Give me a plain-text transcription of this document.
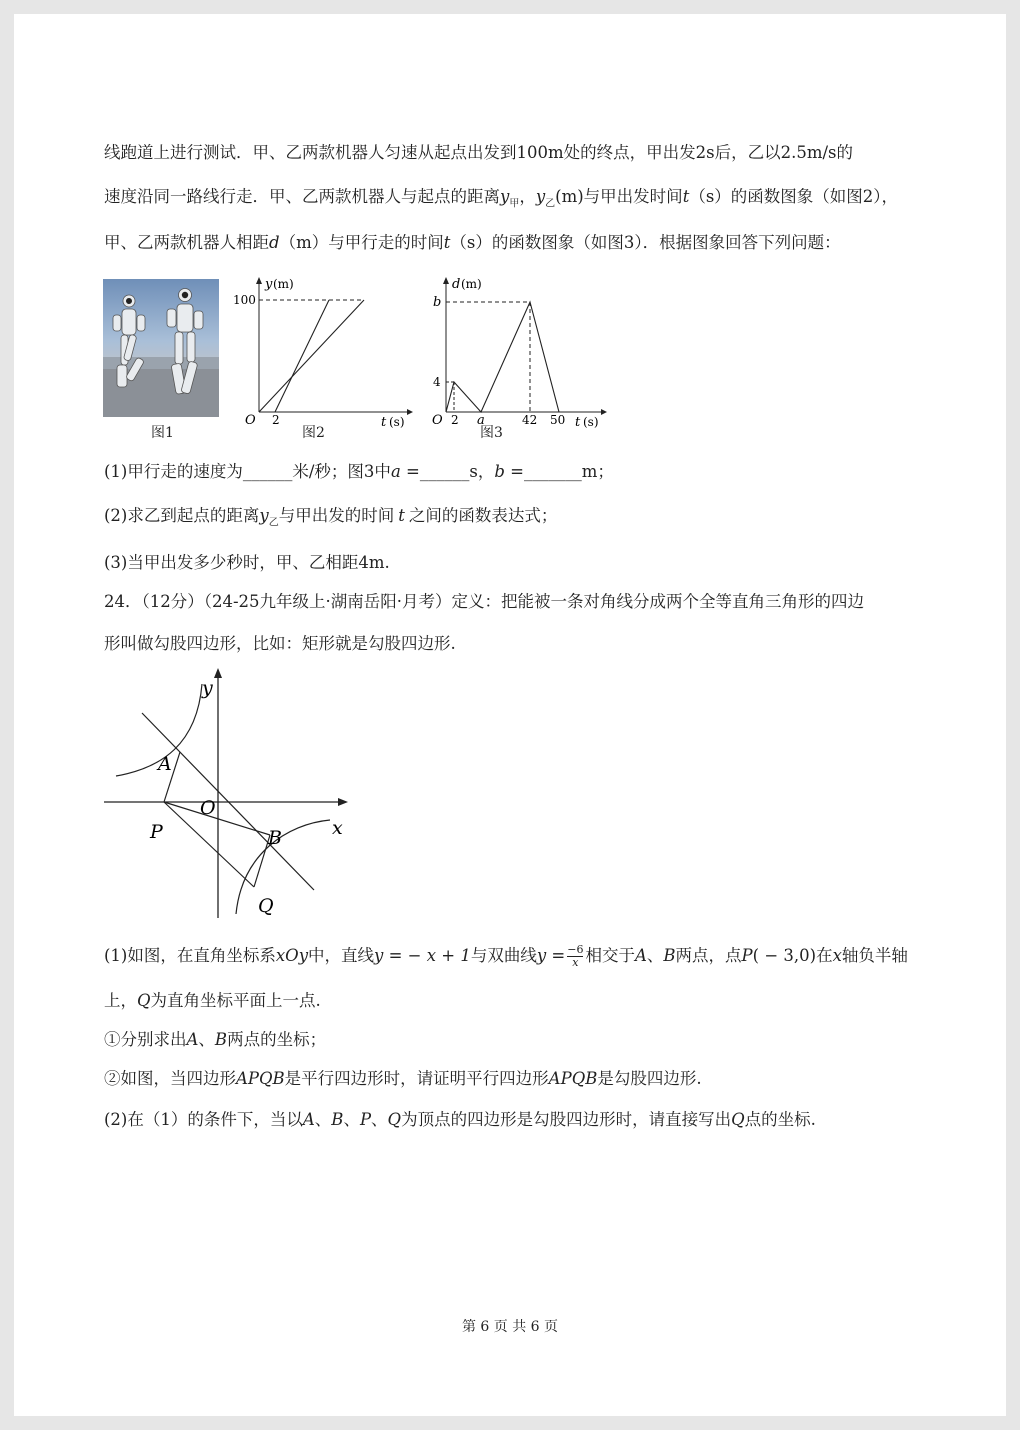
线跑道上进行测试．甲、乙两款机器人匀速从起点出发到100m处的终点，甲出发2s后，乙以2.5m/s的
速度沿同一路线行走．甲、乙两款机器人与起点的距离$y_甲$，$y_乙(m)$与甲出发时间t（s）的函数图象（如图2），
甲、乙两款机器人相距d（m）与甲行走的时间t（s）的函数图象（如图3）．根据图象回答下列问题：
图1
y (m)
100
O 2	t (s)
图2
d (m)
b
4
O 2 a	42 50 t (s)
图3
(1)甲行走的速度为______米/秒；图3中a =______s，b =_______m；
(2)求乙到起点的距离$y_乙$与甲出发的时间 t 之间的函数表达式；
(3)当甲出发多少秒时，甲、乙相距4m.
24．（12分）（24-25九年级上·湖南岳阳·月考）定义：把能被一条对角线分成两个全等直角三角形的四边
形叫做勾股四边形，比如：矩形就是勾股四边形.
y
x
O
A
B
P
Q
(1)如图，在直角坐标系xOy中，直线y = − x + 1与双曲线$y = \frac{-6}{x}$ 相交于A、B两点，点P( − 3,0)在x轴负半轴
上，Q为直角坐标平面上一点.
①分别求出A、B两点的坐标；
②如图，当四边形APQB是平行四边形时，请证明平行四边形APQB是勾股四边形.
(2)在（1）的条件下，当以A、B、P、Q为顶点的四边形是勾股四边形时，请直接写出Q点的坐标.
第 6 页 共 6 页
